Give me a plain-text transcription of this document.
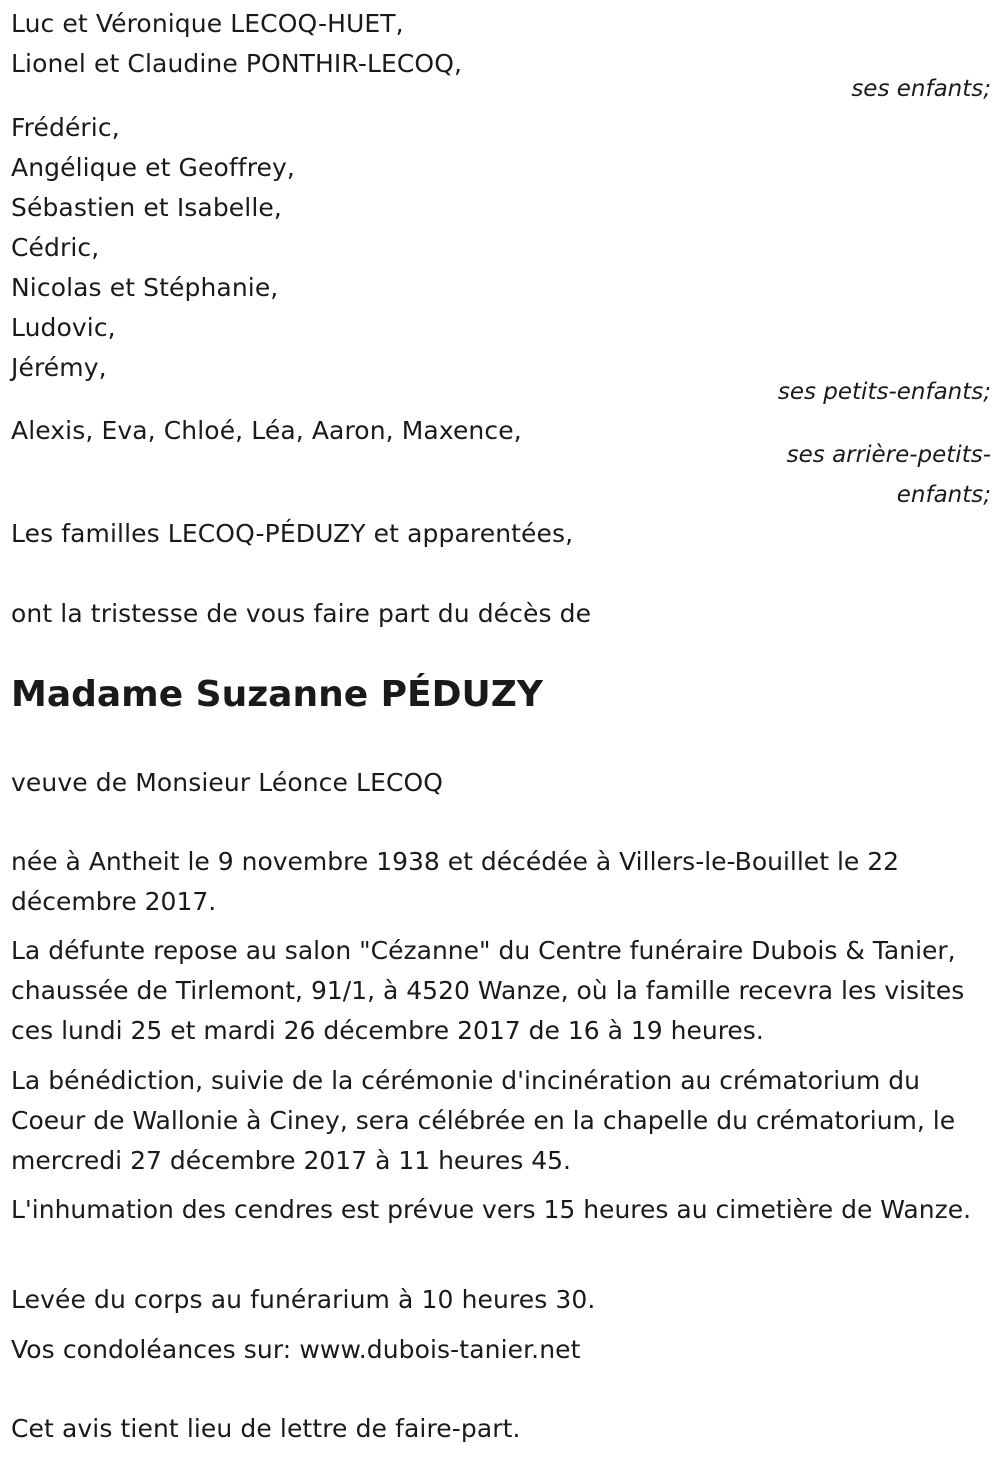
Luc et Véronique LECOQ-HUET,
Lionel et Claudine PONTHIR-LECOQ,
ses enfants;
Frédéric,
Angélique et Geoffrey,
Sébastien et Isabelle,
Cédric,
Nicolas et Stéphanie,
Ludovic,
Jérémy,
ses petits-enfants;
Alexis, Eva, Chloé, Léa, Aaron, Maxence,
ses arrière-petits-
enfants;
Les familles LECOQ-PÉDUZY et apparentées,
ont la tristesse de vous faire part du décès de
Madame Suzanne PÉDUZY
veuve de Monsieur Léonce LECOQ
née à Antheit le 9 novembre 1938 et décédée à Villers-le-Bouillet le 22 décembre 2017.
La défunte repose au salon "Cézanne" du Centre funéraire Dubois & Tanier, chaussée de Tirlemont, 91/1, à 4520 Wanze, où la famille recevra les visites ces lundi 25 et mardi 26 décembre 2017 de 16 à 19 heures.
La bénédiction, suivie de la cérémonie d'incinération au crématorium du Coeur de Wallonie à Ciney, sera célébrée en la chapelle du crématorium, le mercredi 27 décembre 2017 à 11 heures 45.
L'inhumation des cendres est prévue vers 15 heures au cimetière de Wanze.
Levée du corps au funérarium à 10 heures 30.
Vos condoléances sur: www.dubois-tanier.net
Cet avis tient lieu de lettre de faire-part.
